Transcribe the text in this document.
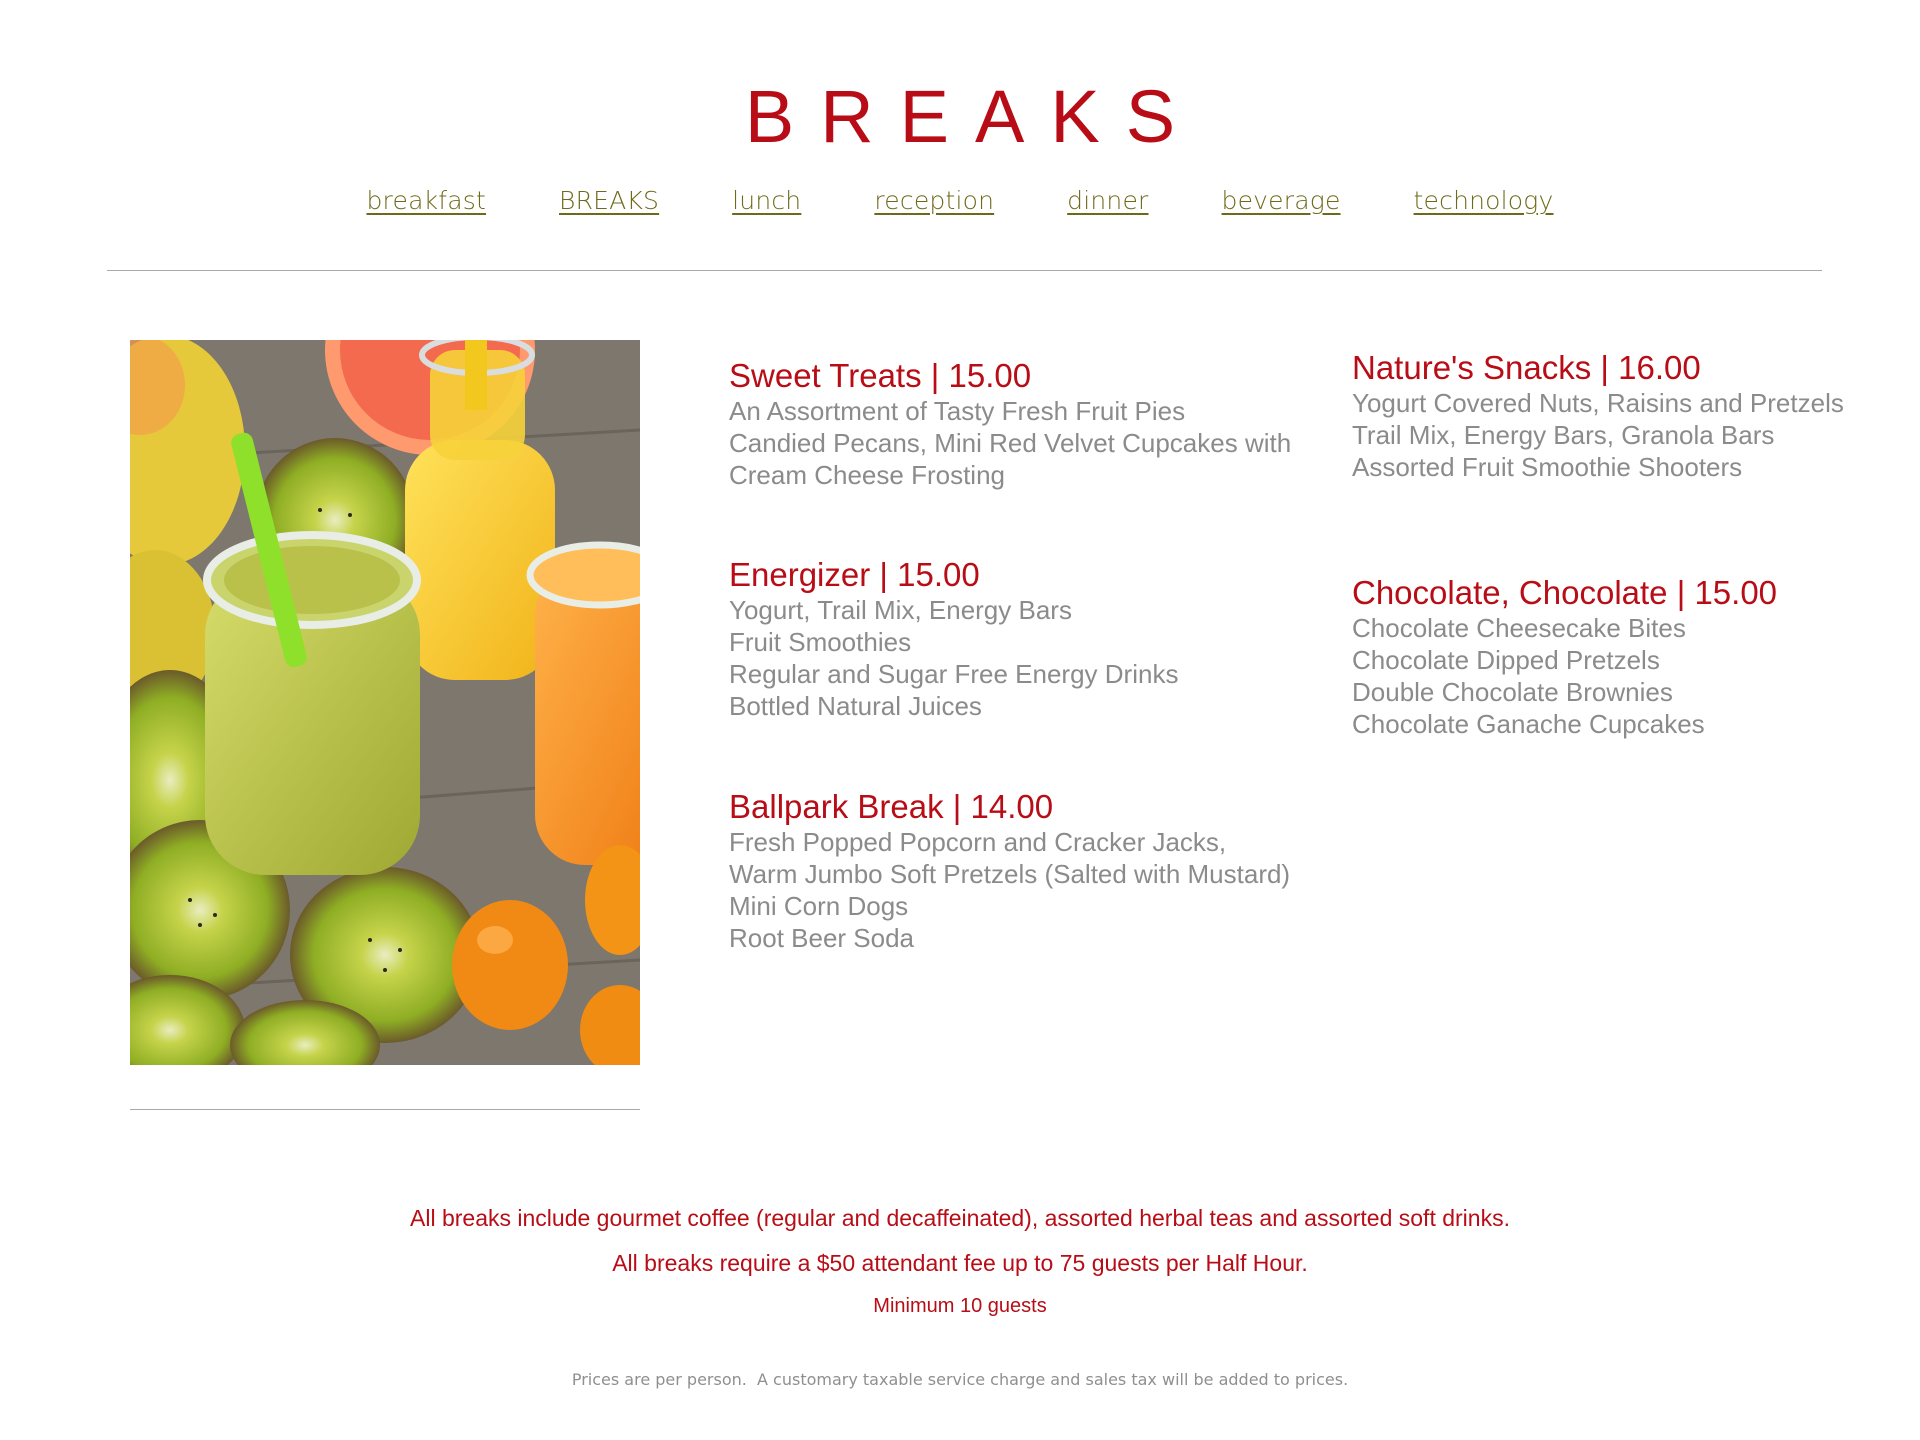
BREAKS
breakfast	BREAKS	lunch	reception	dinner	beverage	technology
Sweet Treats | 15.00
An Assortment of Tasty Fresh Fruit Pies
Candied Pecans, Mini Red Velvet Cupcakes with
Cream Cheese Frosting
Energizer | 15.00
Yogurt, Trail Mix, Energy Bars
Fruit Smoothies
Regular and Sugar Free Energy Drinks
Bottled Natural Juices
Ballpark Break | 14.00
Fresh Popped Popcorn and Cracker Jacks,
Warm Jumbo Soft Pretzels (Salted with Mustard)
Mini Corn Dogs
Root Beer Soda
Nature's Snacks | 16.00
Yogurt Covered Nuts, Raisins and Pretzels
Trail Mix, Energy Bars, Granola Bars
Assorted Fruit Smoothie Shooters
Chocolate, Chocolate | 15.00
Chocolate Cheesecake Bites
Chocolate Dipped Pretzels
Double Chocolate Brownies
Chocolate Ganache Cupcakes
All breaks include gourmet coffee (regular and decaffeinated), assorted herbal teas and assorted soft drinks.
All breaks require a $50 attendant fee up to 75 guests per Half Hour.
Minimum 10 guests
Prices are per person.  A customary taxable service charge and sales tax will be added to prices.
